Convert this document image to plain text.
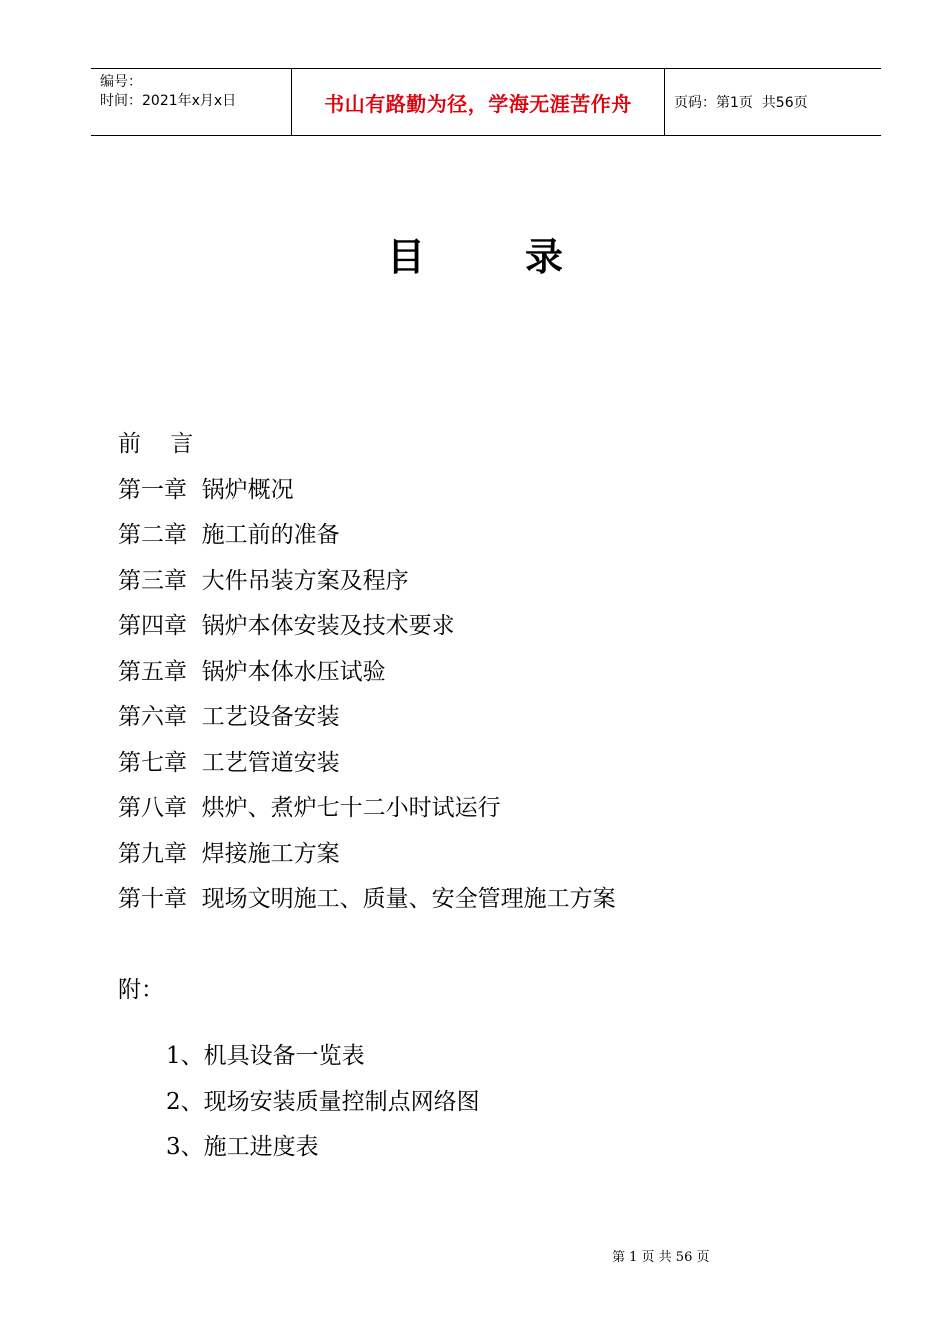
编号：
时间：2021年x月x日	书山有路勤为径，学海无涯苦作舟	页码：第1页  共56页
目	录
前    言
第一章  锅炉概况
第二章  施工前的准备
第三章  大件吊装方案及程序
第四章  锅炉本体安装及技术要求
第五章  锅炉本体水压试验
第六章  工艺设备安装
第七章  工艺管道安装
第八章  烘炉、煮炉七十二小时试运行
第九章  焊接施工方案
第十章  现场文明施工、质量、安全管理施工方案
附：
1、机具设备一览表
2、现场安装质量控制点网络图
3、施工进度表
第 1 页 共 56 页
